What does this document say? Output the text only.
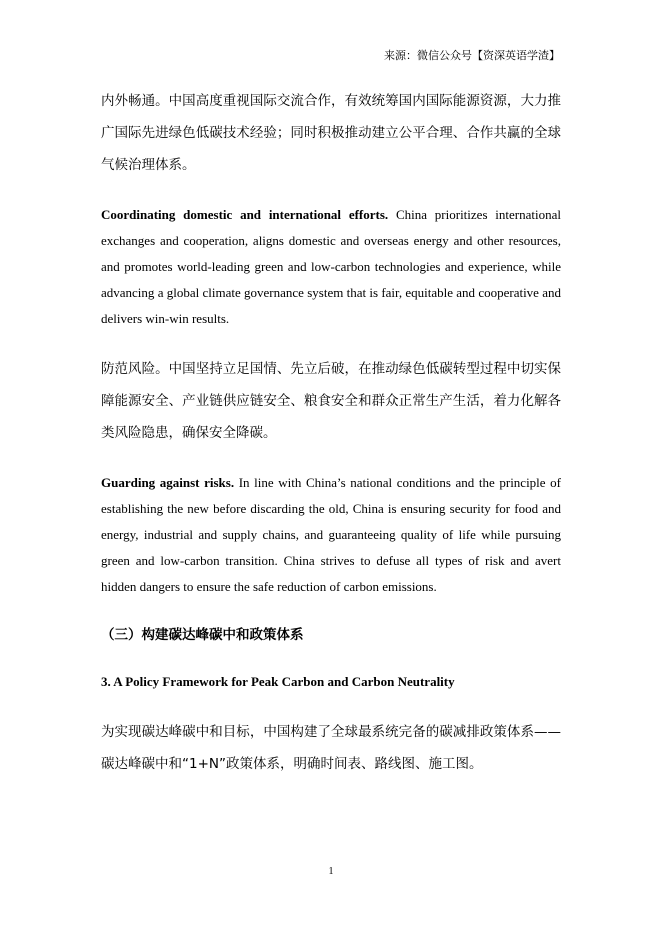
来源：微信公众号【资深英语学渣】

内外畅通。中国高度重视国际交流合作，有效统筹国内国际能源资源，大力推广国际先进绿色低碳技术经验；同时积极推动建立公平合理、合作共赢的全球气候治理体系。

Coordinating domestic and international efforts. China prioritizes international exchanges and cooperation, aligns domestic and overseas energy and other resources, and promotes world-leading green and low-carbon technologies and experience, while advancing a global climate governance system that is fair, equitable and cooperative and delivers win-win results.

防范风险。中国坚持立足国情、先立后破，在推动绿色低碳转型过程中切实保障能源安全、产业链供应链安全、粮食安全和群众正常生产生活，着力化解各类风险隐患，确保安全降碳。

Guarding against risks. In line with China’s national conditions and the principle of establishing the new before discarding the old, China is ensuring security for food and energy, industrial and supply chains, and guaranteeing quality of life while pursuing green and low-carbon transition. China strives to defuse all types of risk and avert hidden dangers to ensure the safe reduction of carbon emissions.

（三）构建碳达峰碳中和政策体系
3. A Policy Framework for Peak Carbon and Carbon Neutrality

为实现碳达峰碳中和目标，中国构建了全球最系统完备的碳减排政策体系——碳达峰碳中和“1+N”政策体系，明确时间表、路线图、施工图。

1
